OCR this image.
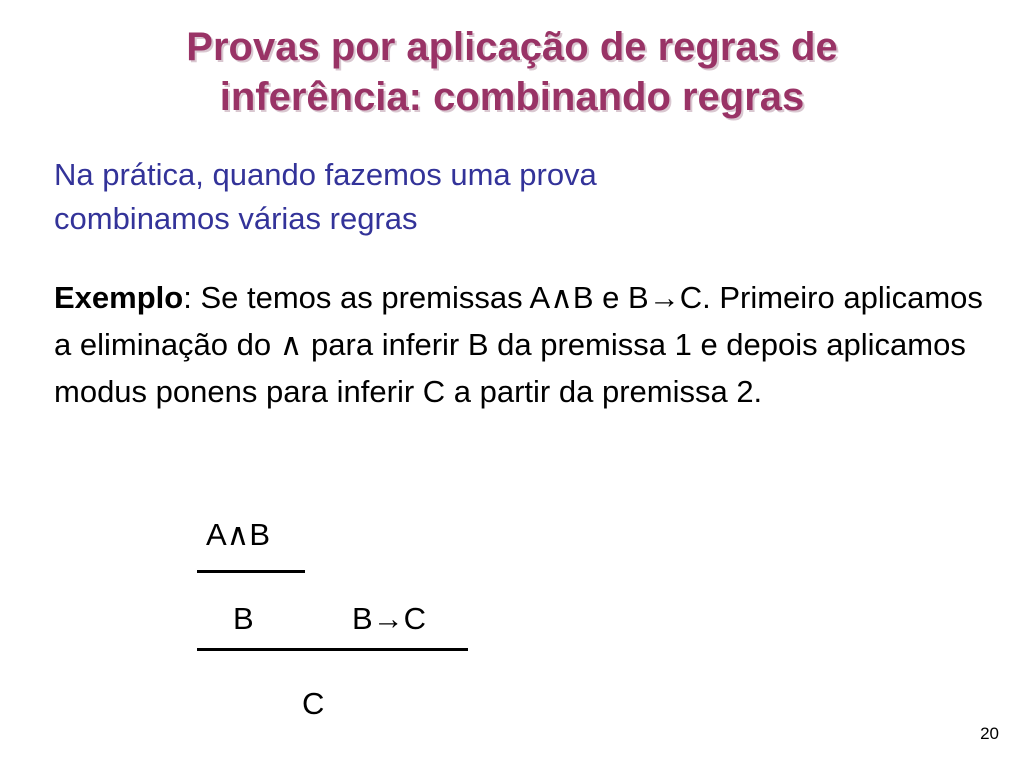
Provas por aplicação de regras de
inferência: combinando regras
Na prática, quando fazemos uma prova
combinamos várias regras
Exemplo: Se temos as premissas A∧B e B→C. Primeiro aplicamos a eliminação do ∧ para inferir B da premissa 1 e depois aplicamos modus ponens para inferir C a partir da premissa 2.
A∧B
B	B→C
C
20
